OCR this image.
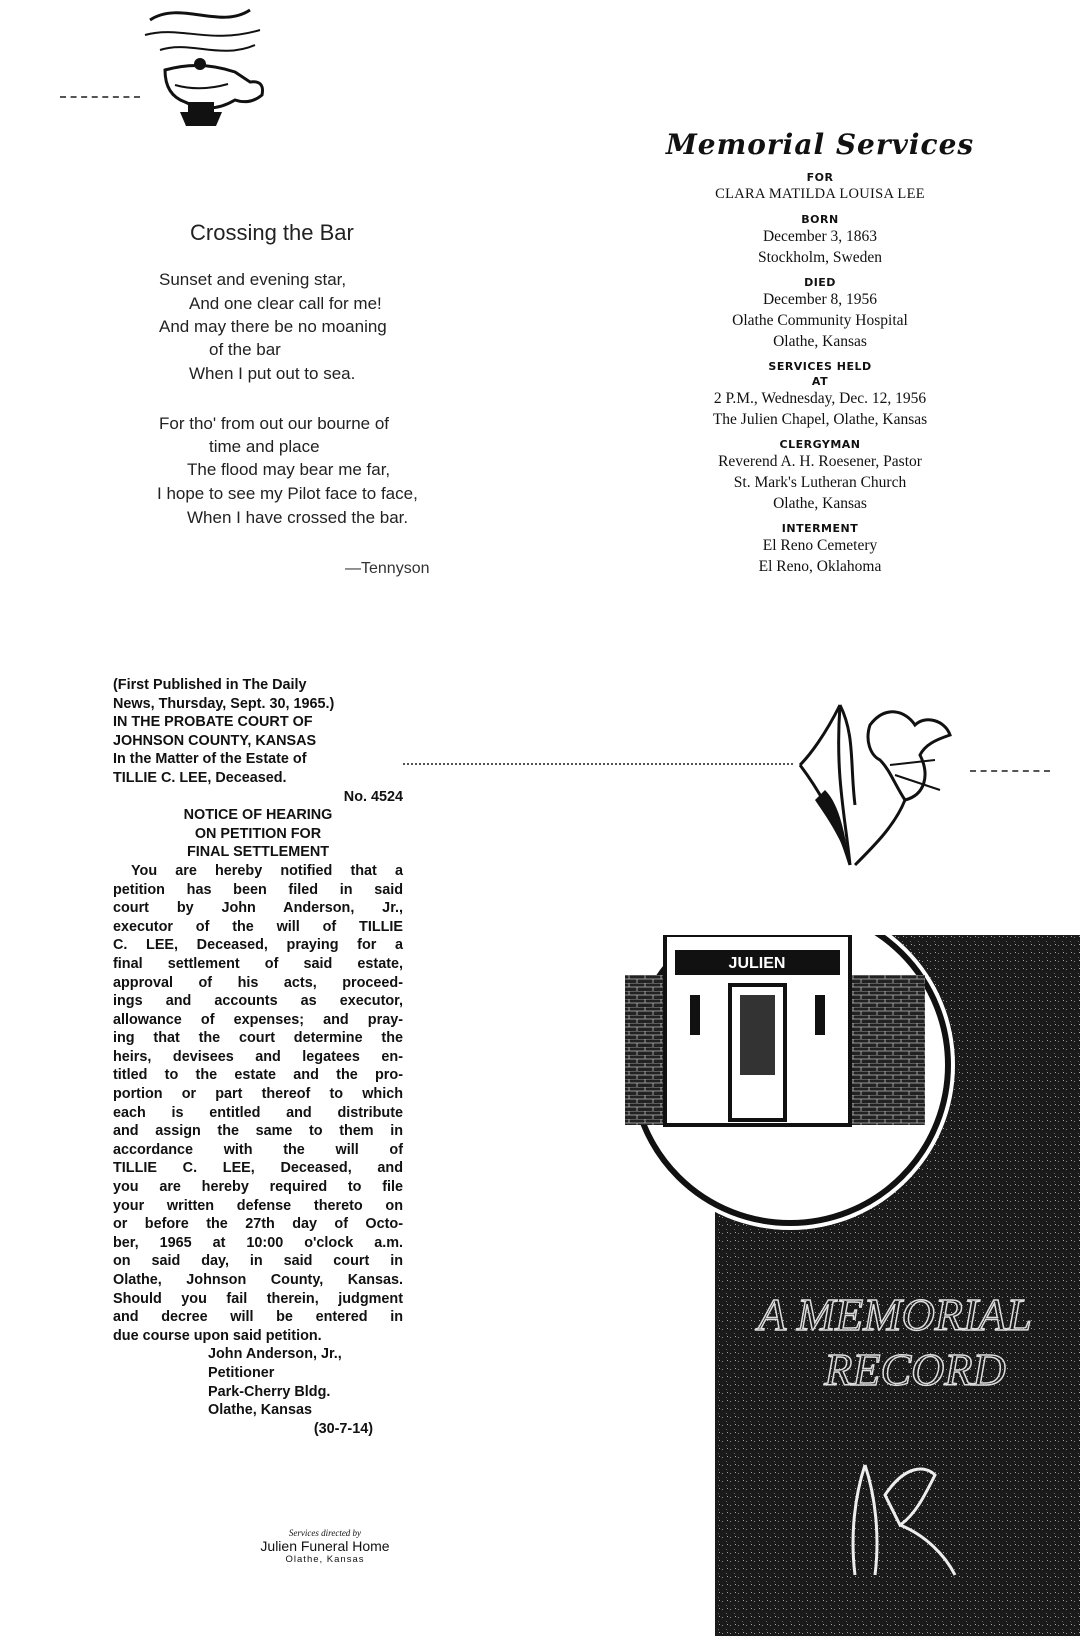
Crossing the Bar
Sunset and evening star,
And one clear call for me!
And may there be no moaning
of the bar
When I put out to sea.
For tho' from out our bourne of
time and place
The flood may bear me far,
I hope to see my Pilot face to face,
When I have crossed the bar.
—Tennyson
Memorial Services
FOR
CLARA MATILDA LOUISA LEE
BORN
December 3, 1863
Stockholm, Sweden
DIED
December 8, 1956
Olathe Community Hospital
Olathe, Kansas
SERVICES HELD
AT
2 P.M., Wednesday, Dec. 12, 1956
The Julien Chapel, Olathe, Kansas
CLERGYMAN
Reverend A. H. Roesener, Pastor
St. Mark's Lutheran Church
Olathe, Kansas
INTERMENT
El Reno Cemetery
El Reno, Oklahoma

(First Published in The Daily

News, Thursday, Sept. 30, 1965.)

IN THE PROBATE COURT OF

JOHNSON COUNTY, KANSAS

In the Matter of the Estate of

TILLIE C. LEE, Deceased.

No. 4524

NOTICE OF HEARING

ON PETITION FOR

FINAL SETTLEMENT

You are hereby notified that a

petition has been filed in said

court by John Anderson, Jr.,

executor of the will of TILLIE

C. LEE, Deceased, praying for a

final settlement of said estate,

approval of his acts, proceed-

ings and accounts as executor,

allowance of expenses; and pray-

ing that the court determine the

heirs, devisees and legatees en-

titled to the estate and the pro-

portion or part thereof to which

each is entitled and distribute

and assign the same to them in

accordance with the will of

TILLIE C. LEE, Deceased, and

you are hereby required to file

your written defense thereto on

or before the 27th day of Octo-

ber, 1965 at 10:00 o'clock a.m.

on said day, in said court in

Olathe, Johnson County, Kansas.

Should you fail therein, judgment

and decree will be entered in

due course upon said petition.

John Anderson, Jr.,

Petitioner

Park-Cherry Bldg.

Olathe, Kansas

(30-7-14)

Services directed by
Julien Funeral Home
Olathe, Kansas
JULIEN
A MEMORIAL
RECORD
